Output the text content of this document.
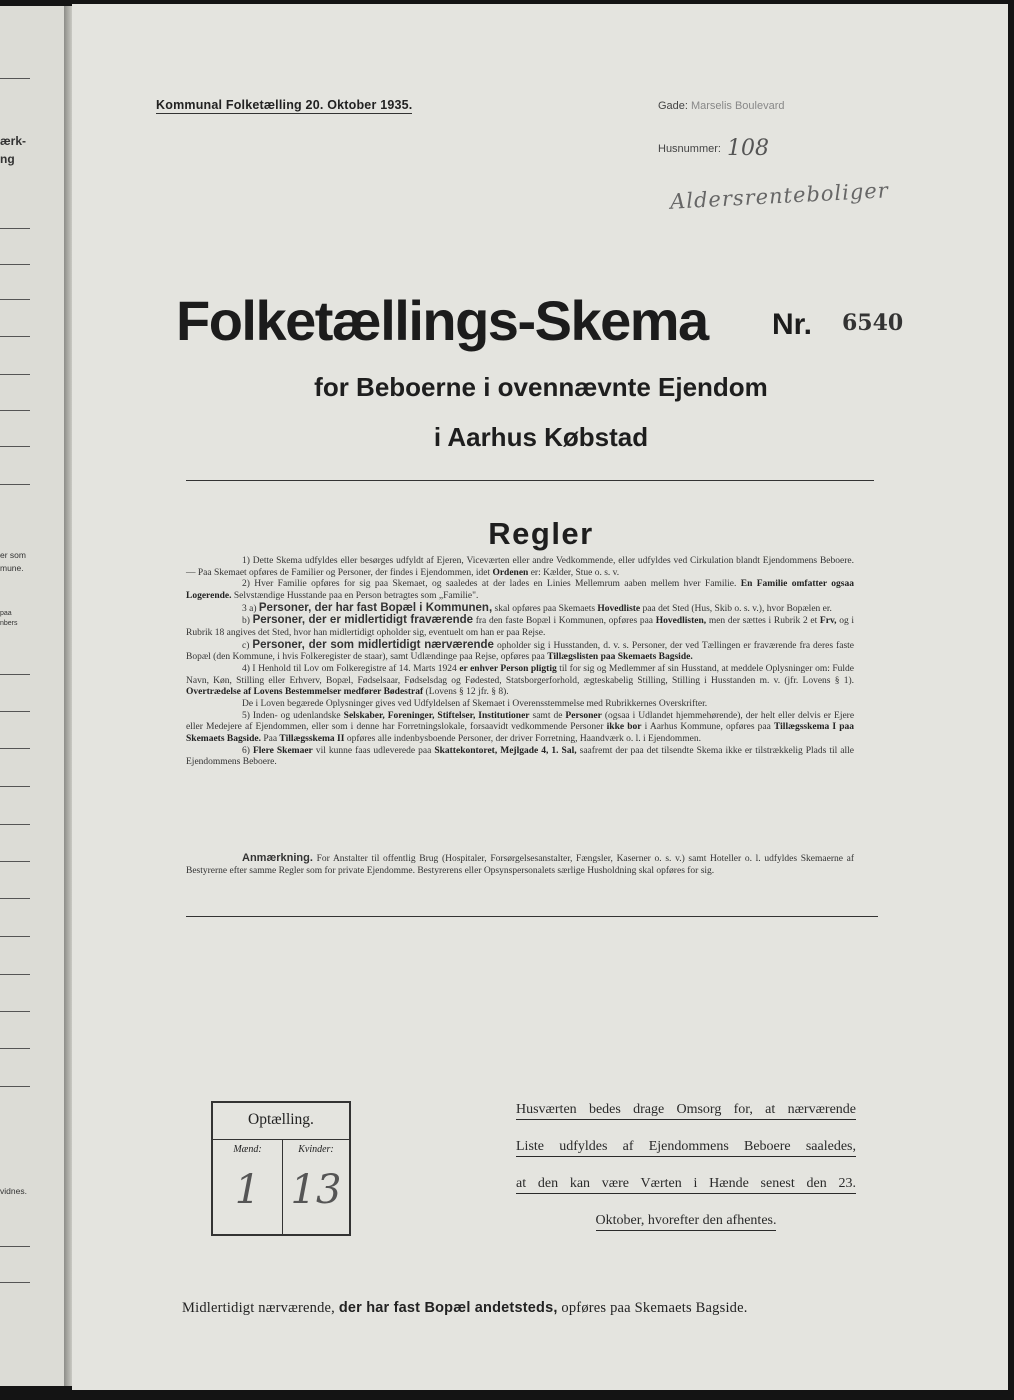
ærk-
ng
er som
mune.
paa
nbers
vidnes.
Kommunal Folketælling 20. Oktober 1935.	Gade: Marselis Boulevard
Husnummer: 108
Aldersrenteboliger
Folketællings-Skema Nr. 6540
for Beboerne i ovennævnte Ejendom
i Aarhus Købstad
Regler

1) Dette Skema udfyldes eller besørges udfyldt af Ejeren, Viceværten eller andre Vedkommende, eller udfyldes ved Cirkulation blandt Ejendommens Beboere. — Paa Skemaet opføres de Familier og Personer, der findes i Ejendommen, idet Ordenen er: Kælder, Stue o. s. v.

2) Hver Familie opføres for sig paa Skemaet, og saaledes at der lades en Linies Mellemrum aaben mellem hver Familie. En Familie omfatter ogsaa Logerende. Selvstændige Husstande paa en Person betragtes som „Familie".

3 a) Personer, der har fast Bopæl i Kommunen, skal opføres paa Skemaets Hovedliste paa det Sted (Hus, Skib o. s. v.), hvor Bopælen er.

b) Personer, der er midlertidigt fraværende fra den faste Bopæl i Kommunen, opføres paa Hovedlisten, men der sættes i Rubrik 2 et Frv, og i Rubrik 18 angives det Sted, hvor han midlertidigt opholder sig, eventuelt om han er paa Rejse.

c) Personer, der som midlertidigt nærværende opholder sig i Husstanden, d. v. s. Personer, der ved Tællingen er fraværende fra deres faste Bopæl (den Kommune, i hvis Folkeregister de staar), samt Udlændinge paa Rejse, opføres paa Tillægslisten paa Skemaets Bagside.

4) I Henhold til Lov om Folkeregistre af 14. Marts 1924 er enhver Person pligtig til for sig og Medlemmer af sin Husstand, at meddele Oplysninger om: Fulde Navn, Køn, Stilling eller Erhverv, Bopæl, Fødselsaar, Fødselsdag og Fødested, Statsborgerforhold, ægteskabelig Stilling, Stilling i Husstanden m. v. (jfr. Lovens § 1). Overtrædelse af Lovens Bestemmelser medfører Bødestraf (Lovens § 12 jfr. § 8).

De i Loven begærede Oplysninger gives ved Udfyldelsen af Skemaet i Overensstemmelse med Rubrikkernes Overskrifter.

5) Inden- og udenlandske Selskaber, Foreninger, Stiftelser, Institutioner samt de Personer (ogsaa i Udlandet hjemmehørende), der helt eller delvis er Ejere eller Medejere af Ejendommen, eller som i denne har Forretningslokale, forsaavidt vedkommende Personer ikke bor i Aarhus Kommune, opføres paa Tillægsskema I paa Skemaets Bagside. Paa Tillægsskema II opføres alle indenbysboende Personer, der driver Forretning, Haandværk o. l. i Ejendommen.

6) Flere Skemaer vil kunne faas udleverede paa Skattekontoret, Mejlgade 4, 1. Sal, saafremt der paa det tilsendte Skema ikke er tilstrækkelig Plads til alle Ejendommens Beboere.

Anmærkning. For Anstalter til offentlig Brug (Hospitaler, Forsørgelsesanstalter, Fængsler, Kaserner o. s. v.) samt Hoteller o. l. udfyldes Skemaerne af Bestyrerne efter samme Regler som for private Ejendomme. Bestyrerens eller Opsynspersonalets særlige Husholdning skal opføres for sig.

Optælling.
Mænd:	Kvinder:
1 13
Husværten bedes drage Omsorg for, at nærværende
Liste udfyldes af Ejendommens Beboere saaledes,
at den kan være Værten i Hænde senest den 23.
Oktober, hvorefter den afhentes.
Midlertidigt nærværende, der har fast Bopæl andetsteds, opføres paa Skemaets Bagside.
